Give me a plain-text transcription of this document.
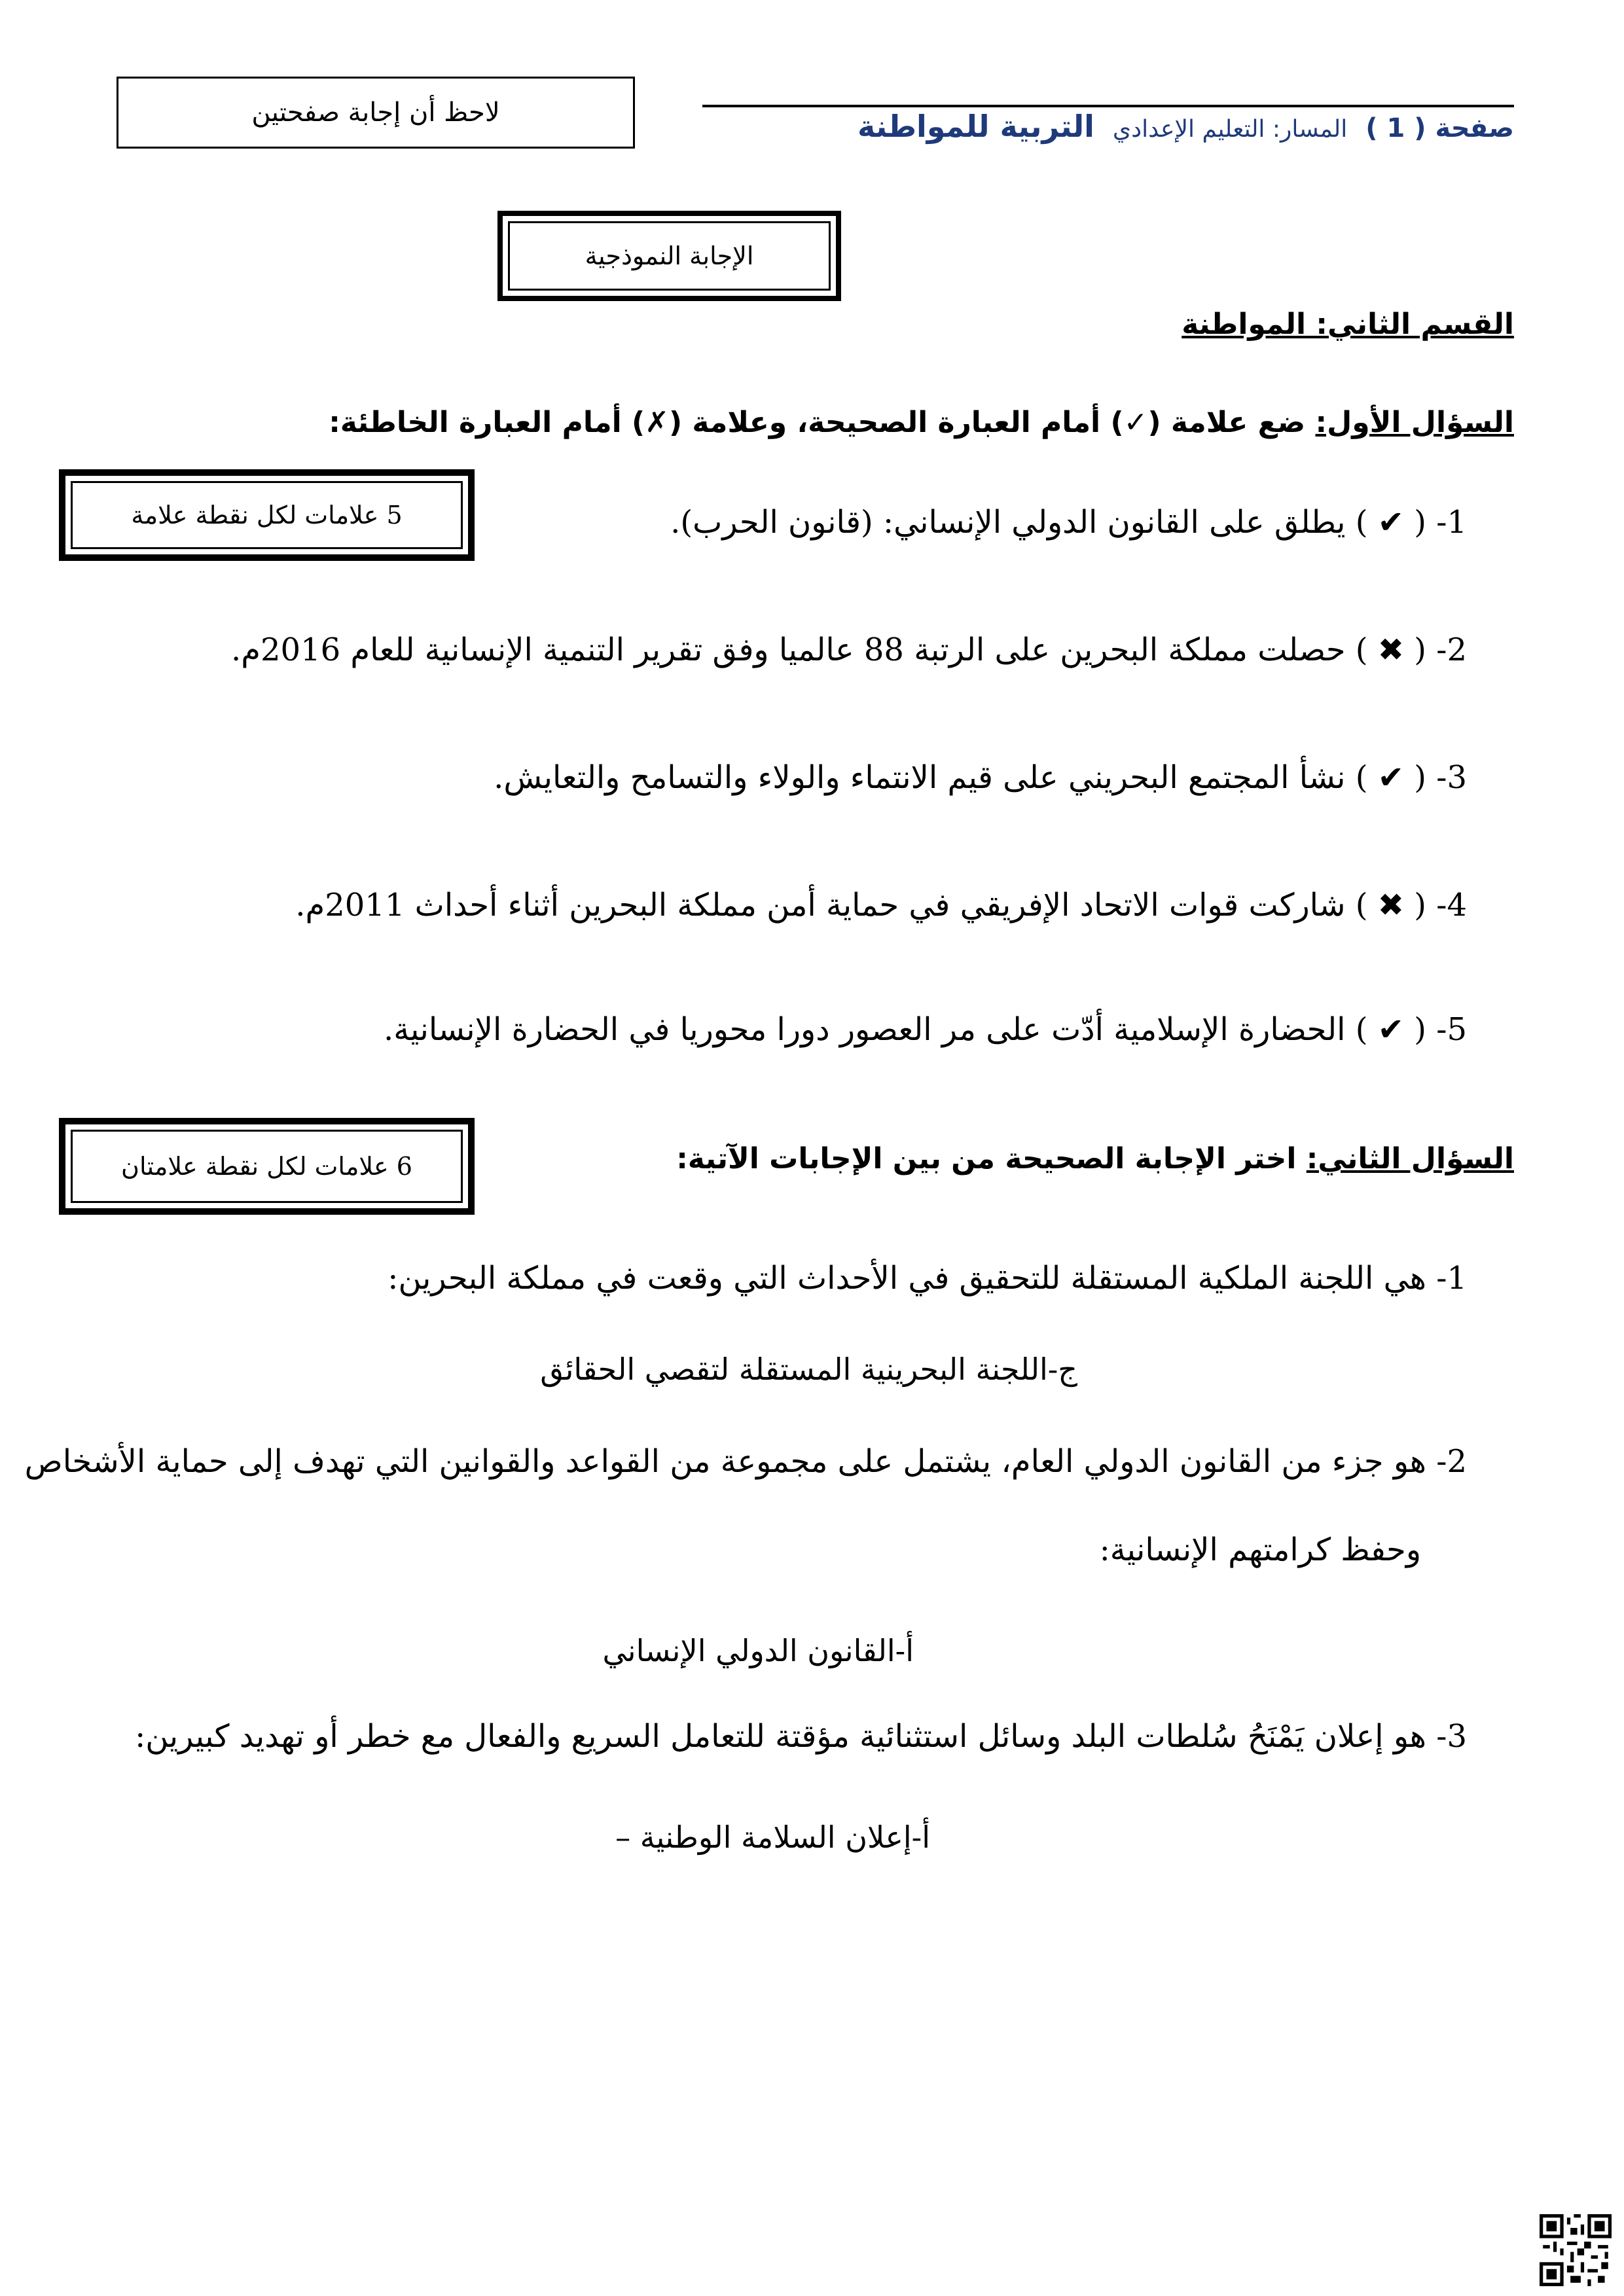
لاحظ أن إجابة صفحتين	التربية للمواطنة المسار: التعليم الإعدادي صفحة ( 1 )
الإجابة النموذجية
القسم الثاني: المواطنة
السؤال الأول: ضع علامة (✓) أمام العبارة الصحيحة، وعلامة (✗) أمام العبارة الخاطئة:
5 علامات لكل نقطة علامة	1- ( ✔ ) يطلق على القانون الدولي الإنساني: (قانون الحرب).
2- ( ✖ ) حصلت مملكة البحرين على الرتبة 88 عالميا وفق تقرير التنمية الإنسانية للعام 2016م.
3- ( ✔ ) نشأ المجتمع البحريني على قيم الانتماء والولاء والتسامح والتعايش.
4- ( ✖ ) شاركت قوات الاتحاد الإفريقي في حماية أمن مملكة البحرين أثناء أحداث 2011م.
5- ( ✔ ) الحضارة الإسلامية أدّت على مر العصور دورا محوريا في الحضارة الإنسانية.
السؤال الثاني: اختر الإجابة الصحيحة من بين الإجابات الآتية:
6 علامات لكل نقطة علامتان
1- هي اللجنة الملكية المستقلة للتحقيق في الأحداث التي وقعت في مملكة البحرين:
ج-اللجنة البحرينية المستقلة لتقصي الحقائق
2- هو جزء من القانون الدولي العام، يشتمل على مجموعة من القواعد والقوانين التي تهدف إلى حماية الأشخاص
وحفظ كرامتهم الإنسانية:
أ-القانون الدولي الإنساني
3- هو إعلان يَمْنَحُ سُلطات البلد وسائل استثنائية مؤقتة للتعامل السريع والفعال مع خطر أو تهديد كبيرين:
أ-إعلان السلامة الوطنية –
